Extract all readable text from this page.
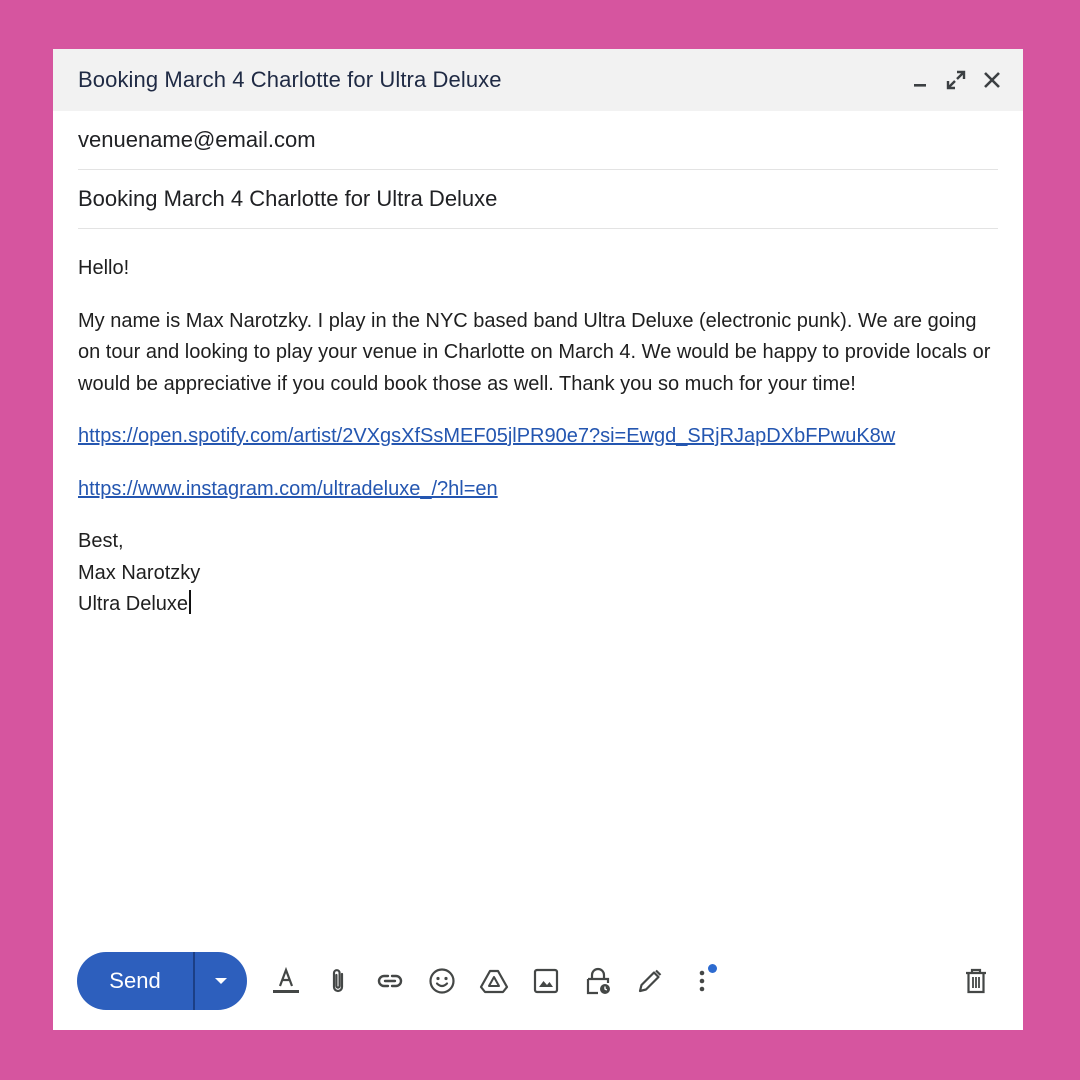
Booking March 4 Charlotte for Ultra Deluxe
venuename@email.com
Booking March 4 Charlotte for Ultra Deluxe

Hello!

My name is Max Narotzky. I play in the NYC based band Ultra Deluxe (electronic punk). We are going on tour and looking to play your venue in Charlotte on March 4. We would be happy to provide locals or would be appreciative if you could book those as well. Thank you so much for your time!

https://open.spotify.com/artist/2VXgsXfSsMEF05jlPR90e7?si=Ewgd_SRjRJapDXbFPwuK8w

https://www.instagram.com/ultradeluxe_/?hl=en

Best,
Max Narotzky
Ultra Deluxe

Send
